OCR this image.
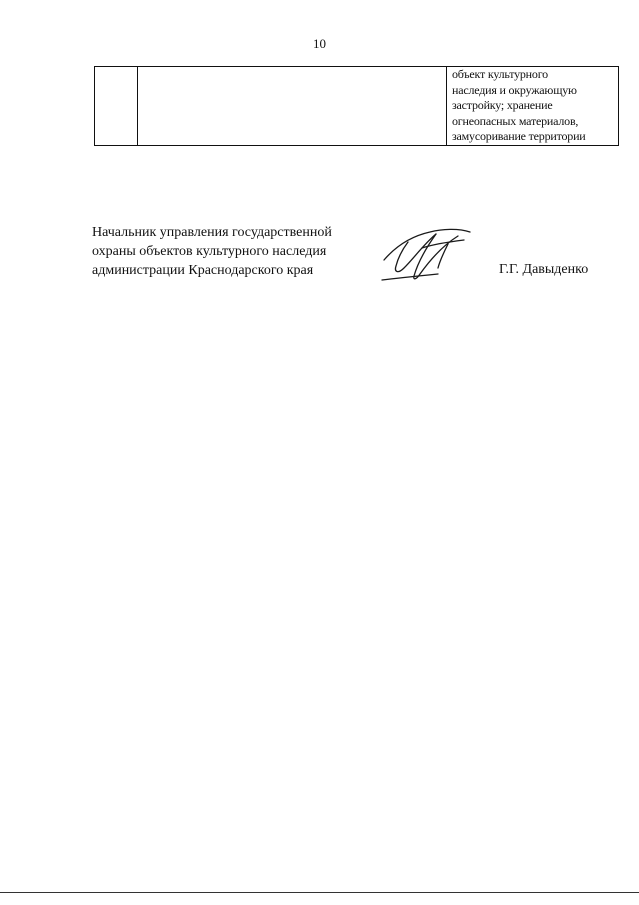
10

объект культурного
наследия и окружающую
застройку; хранение
огнеопасных материалов,
замусоривание территории
Начальник управления государственной
охраны объектов культурного наследия
администрации Краснодарского края	Г.Г. Давыденко
